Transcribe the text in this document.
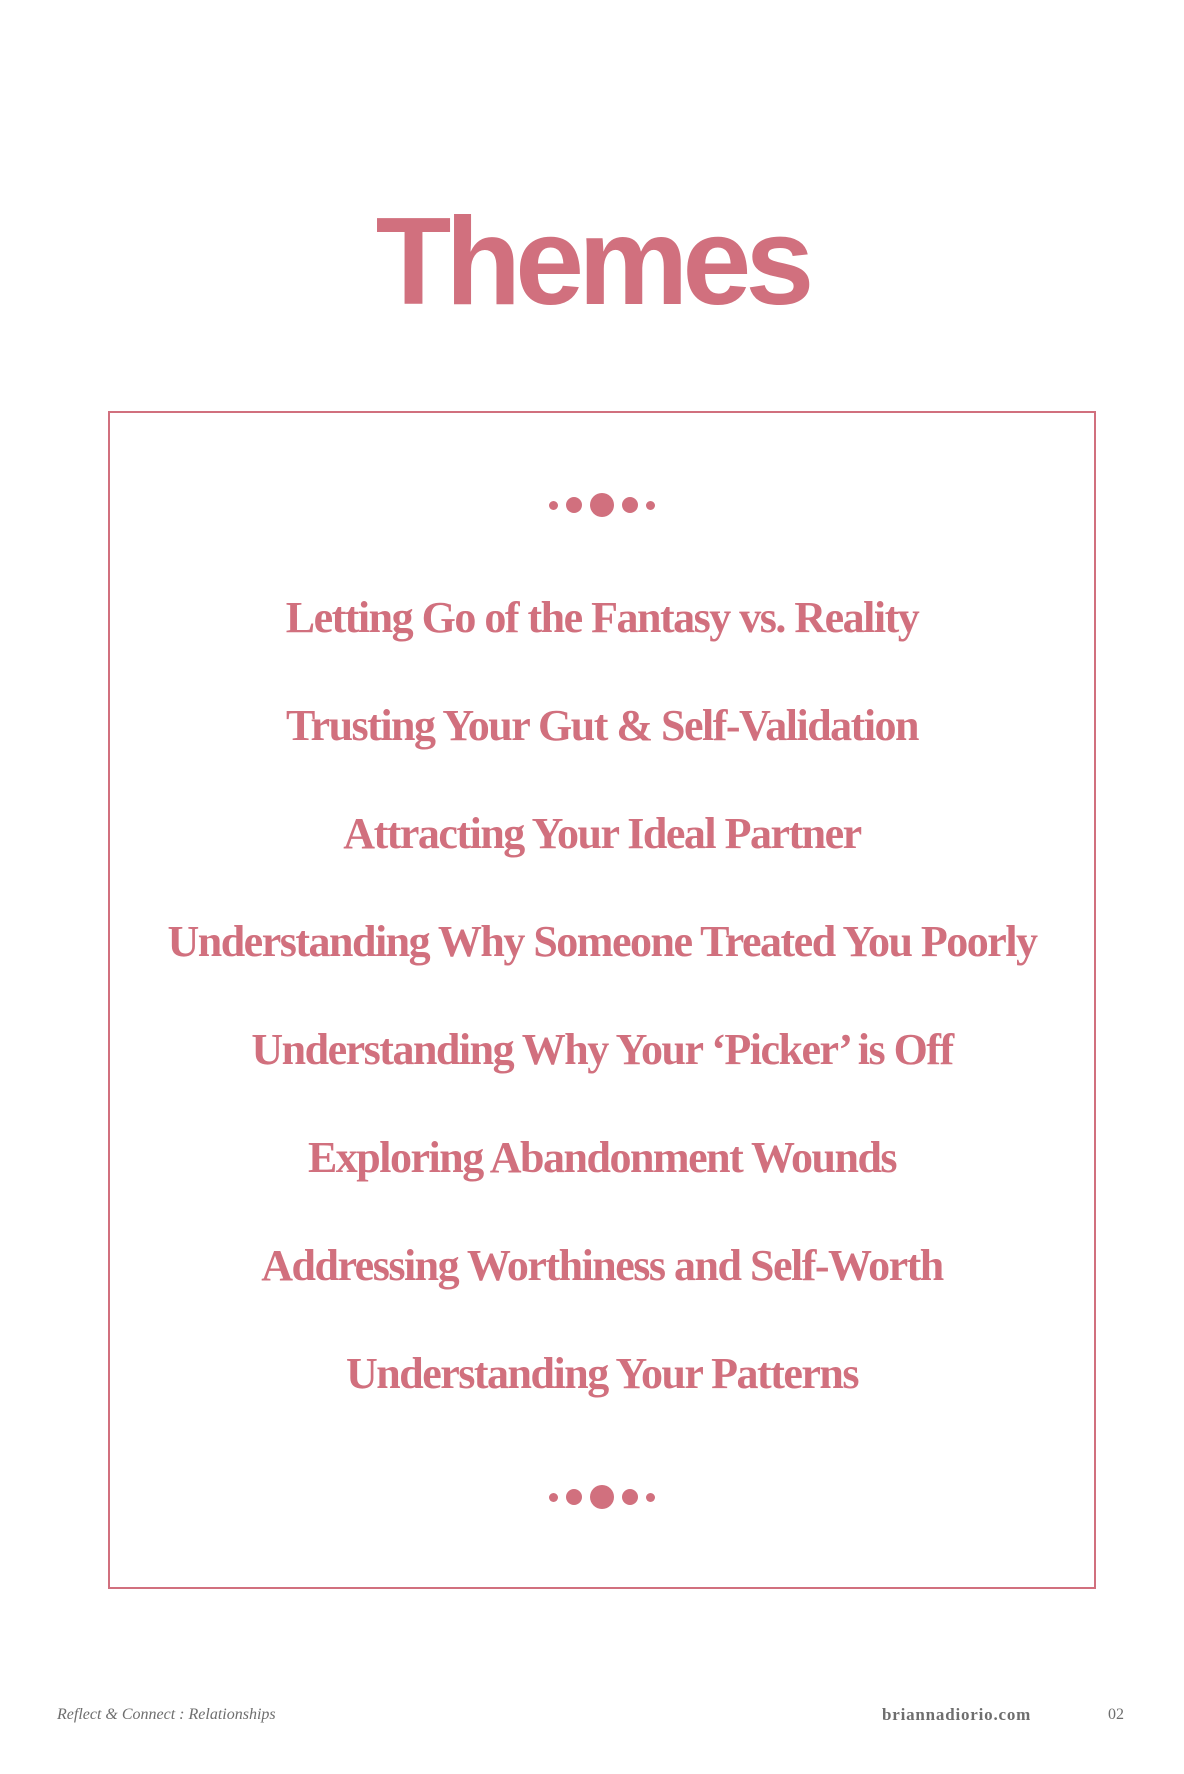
Themes
Letting Go of the Fantasy vs. Reality
Trusting Your Gut & Self-Validation
Attracting Your Ideal Partner
Understanding Why Someone Treated You Poorly
Understanding Why Your ‘Picker’ is Off
Exploring Abandonment Wounds
Addressing Worthiness and Self-Worth
Understanding Your Patterns
Reflect & Connect : Relationships	briannadiorio.com	02
